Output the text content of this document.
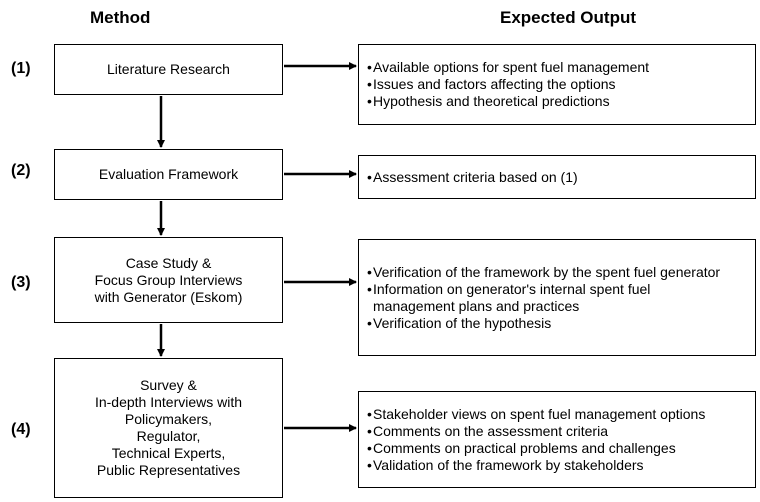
Method	Expected Output
(1)
(2)
(3)
(4)
Literature Research
Evaluation Framework
Case Study &
Focus Group Interviews
with Generator (Eskom)
Survey &
In-depth Interviews with
Policymakers,
Regulator,
Technical Experts,
Public Representatives
• Available options for spent fuel management
• Issues and factors affecting the options
• Hypothesis and theoretical predictions
• Assessment criteria based on (1)
• Verification of the framework by the spent fuel generator
• Information on generator's internal spent fuel management plans and practices
• Verification of the hypothesis
• Stakeholder views on spent fuel management options
• Comments on the assessment criteria
• Comments on practical problems and challenges
• Validation of the framework by stakeholders
